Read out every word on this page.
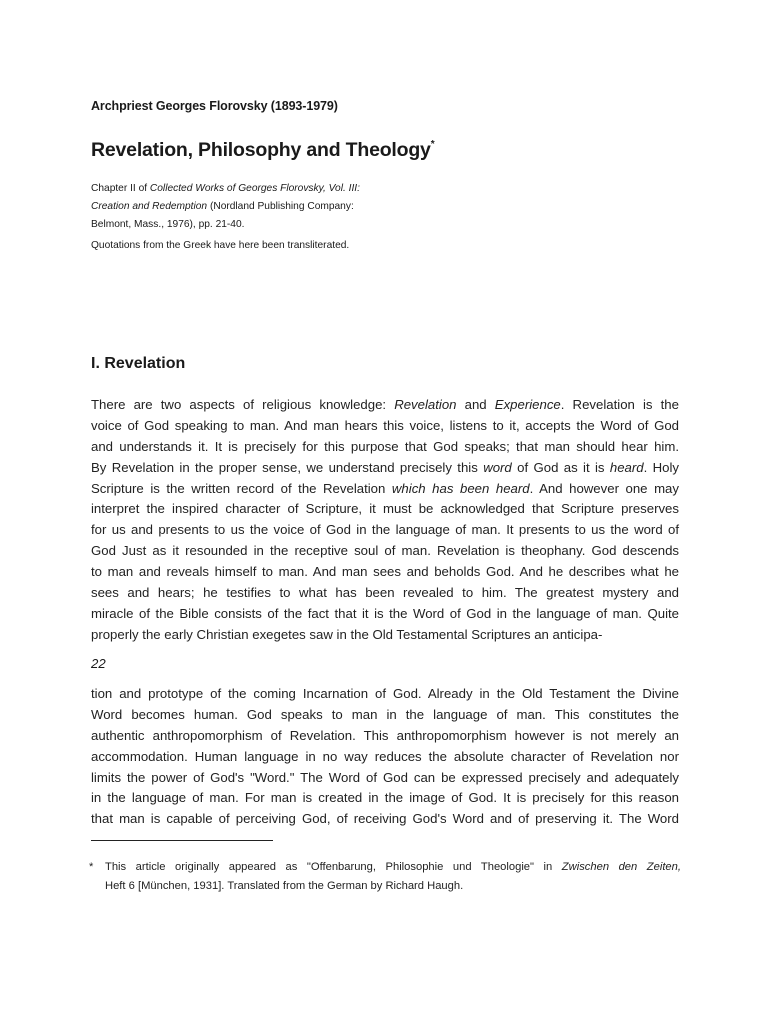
Archpriest Georges Florovsky (1893-1979)
Revelation, Philosophy and Theology*
Chapter II of Collected Works of Georges Florovsky, Vol. III:
Creation and Redemption (Nordland Publishing Company:
Belmont, Mass., 1976), pp. 21-40.
Quotations from the Greek have here been transliterated.
I. Revelation
There are two aspects of religious knowledge: Revelation and Experience. Revelation is the
voice of God speaking to man. And man hears this voice, listens to it, accepts the Word of God
and understands it. It is precisely for this purpose that God speaks; that man should hear him.
By Revelation in the proper sense, we understand precisely this word of God as it is heard. Holy
Scripture is the written record of the Revelation which has been heard. And however one may
interpret the inspired character of Scripture, it must be acknowledged that Scripture preserves
for us and presents to us the voice of God in the language of man. It presents to us the word of
God Just as it resounded in the receptive soul of man. Revelation is theophany. God descends
to man and reveals himself to man. And man sees and beholds God. And he describes what he
sees and hears; he testifies to what has been revealed to him. The greatest mystery and
miracle of the Bible consists of the fact that it is the Word of God in the language of man. Quite
properly the early Christian exegetes saw in the Old Testamental Scriptures an anticipa-
22
tion and prototype of the coming Incarnation of God. Already in the Old Testament the Divine
Word becomes human. God speaks to man in the language of man. This constitutes the
authentic anthropomorphism of Revelation. This anthropomorphism however is not merely an
accommodation. Human language in no way reduces the absolute character of Revelation nor
limits the power of God's "Word." The Word of God can be expressed precisely and adequately
in the language of man. For man is created in the image of God. It is precisely for this reason
that man is capable of perceiving God, of receiving God's Word and of preserving it. The Word
* This article originally appeared as "Offenbarung, Philosophie und Theologie" in Zwischen den Zeiten,
Heft 6 [München, 1931]. Translated from the German by Richard Haugh.
